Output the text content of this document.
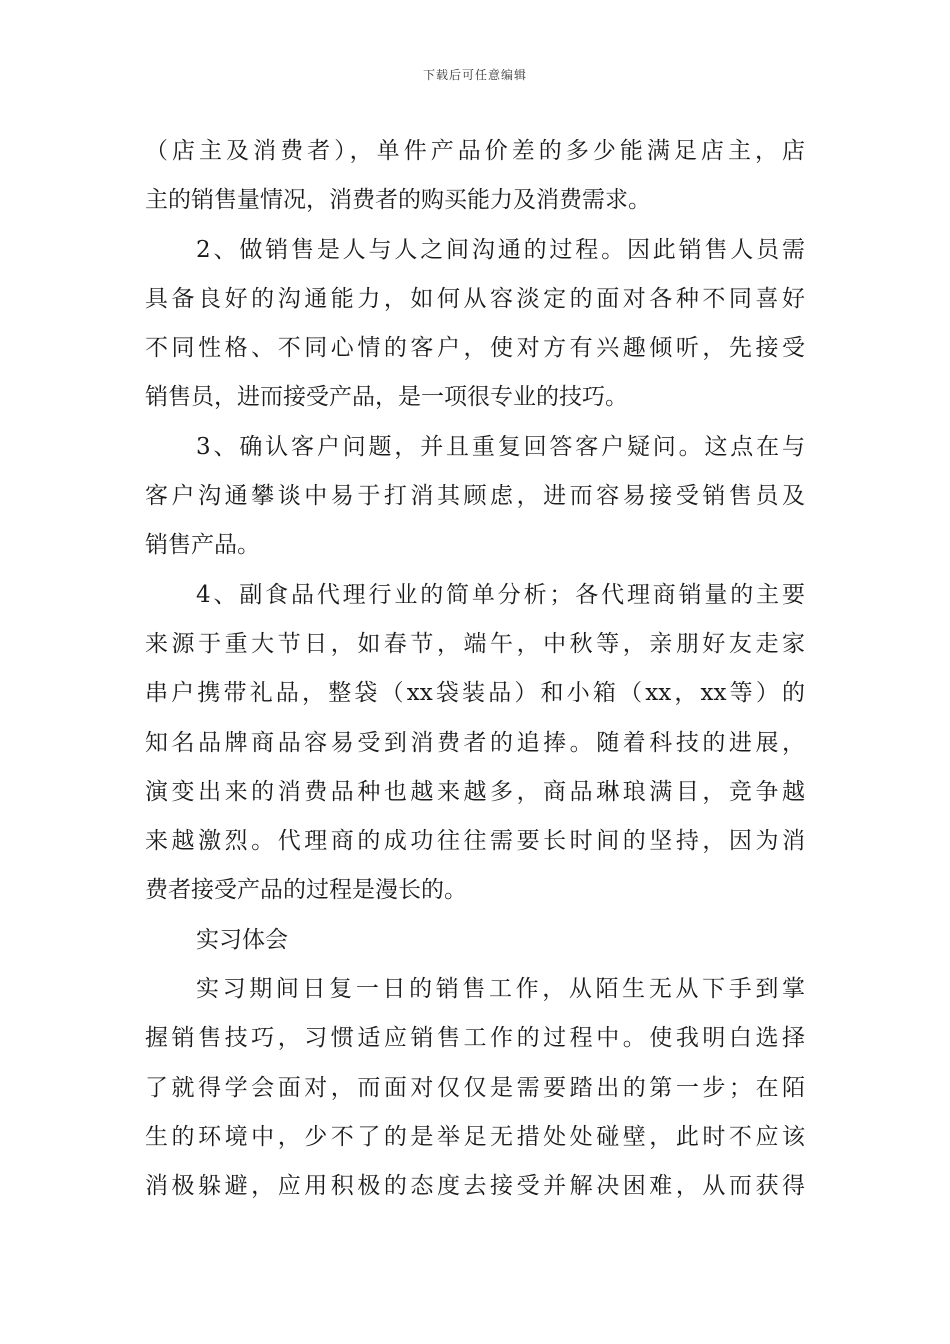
下载后可任意编辑
（店主及消费者），单件产品价差的多少能满足店主，店
主的销售量情况，消费者的购买能力及消费需求。
2、做销售是人与人之间沟通的过程。因此销售人员需
具备良好的沟通能力，如何从容淡定的面对各种不同喜好
不同性格、不同心情的客户，使对方有兴趣倾听，先接受
销售员，进而接受产品，是一项很专业的技巧。
3、确认客户问题，并且重复回答客户疑问。这点在与
客户沟通攀谈中易于打消其顾虑，进而容易接受销售员及
销售产品。
4、副食品代理行业的简单分析；各代理商销量的主要
来源于重大节日，如春节，端午，中秋等，亲朋好友走家
串户携带礼品，整袋（xx袋装品）和小箱（xx，xx等）的
知名品牌商品容易受到消费者的追捧。随着科技的进展，
演变出来的消费品种也越来越多，商品琳琅满目，竞争越
来越激烈。代理商的成功往往需要长时间的坚持，因为消
费者接受产品的过程是漫长的。
实习体会
实习期间日复一日的销售工作，从陌生无从下手到掌
握销售技巧，习惯适应销售工作的过程中。使我明白选择
了就得学会面对，而面对仅仅是需要踏出的第一步；在陌
生的环境中，少不了的是举足无措处处碰壁，此时不应该
消极躲避，应用积极的态度去接受并解决困难，从而获得
